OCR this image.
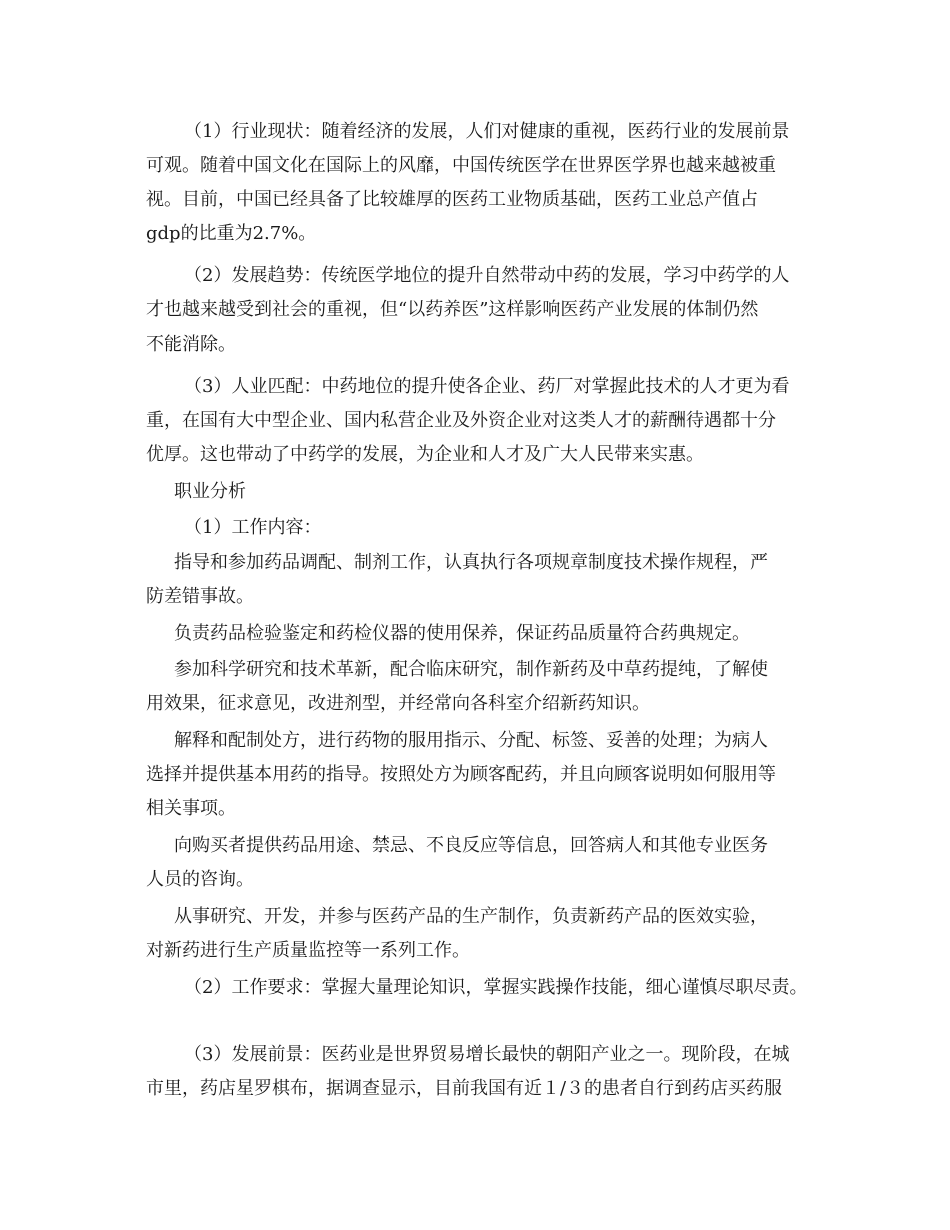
（1）行业现状：随着经济的发展，人们对健康的重视，医药行业的发展前景
可观。随着中国文化在国际上的风靡，中国传统医学在世界医学界也越来越被重
视。目前，中国已经具备了比较雄厚的医药工业物质基础，医药工业总产值占
gdp的比重为2.7%。
（2）发展趋势：传统医学地位的提升自然带动中药的发展，学习中药学的人
才也越来越受到社会的重视，但“以药养医”这样影响医药产业发展的体制仍然
不能消除。
（3）人业匹配：中药地位的提升使各企业、药厂对掌握此技术的人才更为看
重，在国有大中型企业、国内私营企业及外资企业对这类人才的薪酬待遇都十分
优厚。这也带动了中药学的发展，为企业和人才及广大人民带来实惠。
职业分析
（1）工作内容：
指导和参加药品调配、制剂工作，认真执行各项规章制度技术操作规程，严
防差错事故。
负责药品检验鉴定和药检仪器的使用保养，保证药品质量符合药典规定。
参加科学研究和技术革新，配合临床研究，制作新药及中草药提纯，了解使
用效果，征求意见，改进剂型，并经常向各科室介绍新药知识。
解释和配制处方，进行药物的服用指示、分配、标签、妥善的处理；为病人
选择并提供基本用药的指导。按照处方为顾客配药，并且向顾客说明如何服用等
相关事项。
向购买者提供药品用途、禁忌、不良反应等信息，回答病人和其他专业医务
人员的咨询。
从事研究、开发，并参与医药产品的生产制作，负责新药产品的医效实验，
对新药进行生产质量监控等一系列工作。
（2）工作要求：掌握大量理论知识，掌握实践操作技能，细心谨慎尽职尽责。
（3）发展前景：医药业是世界贸易增长最快的朝阳产业之一。现阶段，在城
市里，药店星罗棋布，据调查显示，目前我国有近１/３的患者自行到药店买药服
